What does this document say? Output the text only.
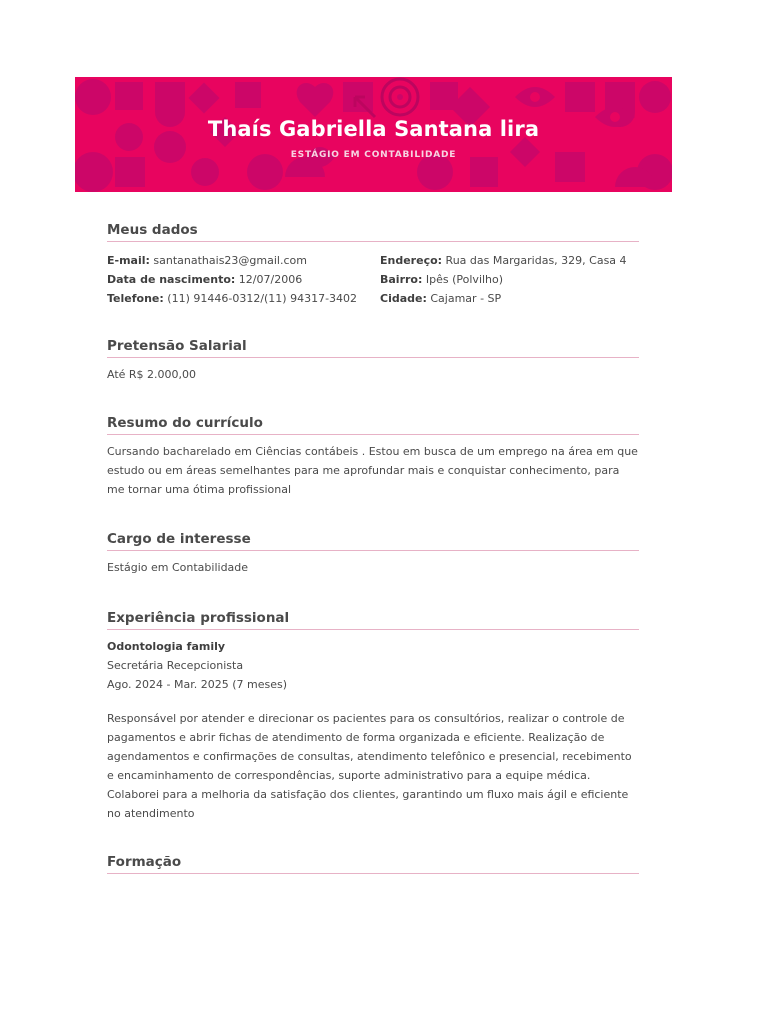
Thaís Gabriella Santana lira
ESTÁGIO EM CONTABILIDADE
Meus dados
E-mail: santanathais23@gmail.com
Data de nascimento: 12/07/2006
Telefone: (11) 91446-0312/(11) 94317-3402
Endereço: Rua das Margaridas, 329, Casa 4
Bairro: Ipês (Polvilho)
Cidade: Cajamar - SP
Pretensão Salarial
Até R$ 2.000,00
Resumo do currículo
Cursando bacharelado em Ciências contábeis . Estou em busca de um emprego na área em que estudo ou em áreas semelhantes para me aprofundar mais e conquistar conhecimento, para me tornar uma ótima profissional
Cargo de interesse
Estágio em Contabilidade
Experiência profissional
Odontologia family
Secretária Recepcionista
Ago. 2024 - Mar. 2025 (7 meses)
Responsável por atender e direcionar os pacientes para os consultórios, realizar o controle de pagamentos e abrir fichas de atendimento de forma organizada e eficiente. Realização de agendamentos e confirmações de consultas, atendimento telefônico e presencial, recebimento e encaminhamento de correspondências, suporte administrativo para a equipe médica. Colaborei para a melhoria da satisfação dos clientes, garantindo um fluxo mais ágil e eficiente no atendimento
Formação
